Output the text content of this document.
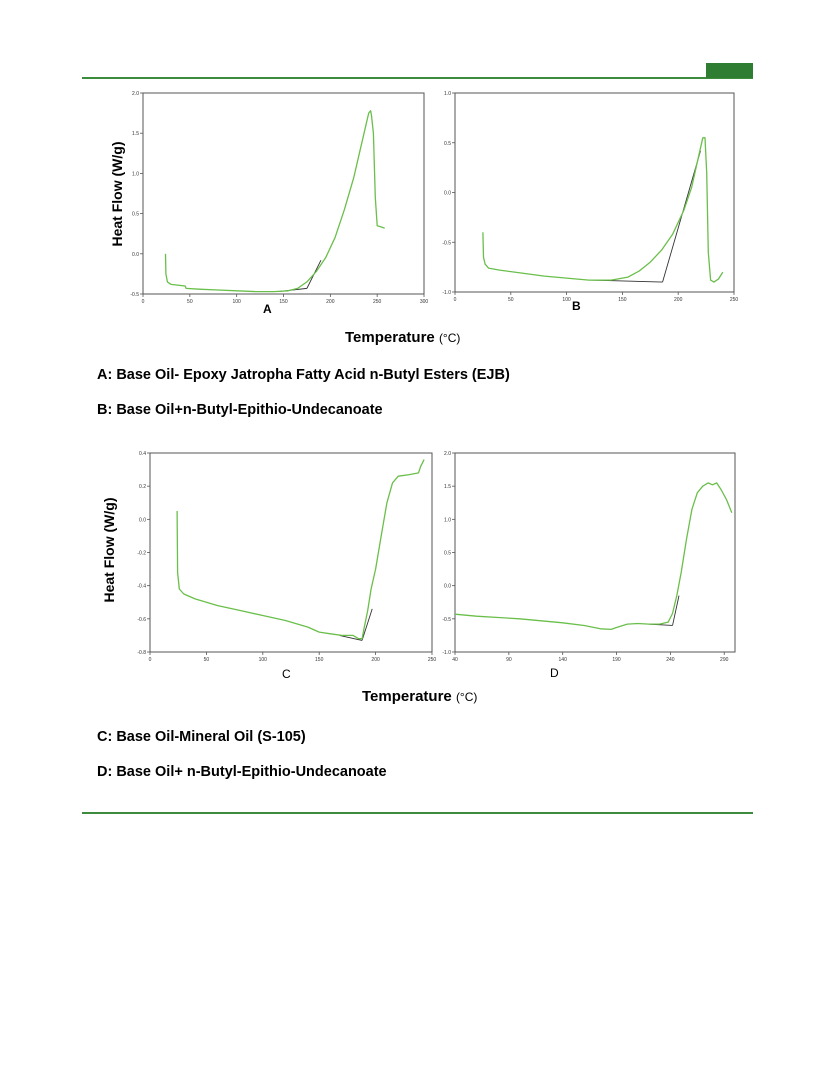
Heat Flow (W/g)
0	50	100	150	200	250	300
-0.5
0.0
0.5
1.0
1.5
2.0
0	50	100	150	200	250
-1.0
-0.5
0.0
0.5
1.0
A	B
Temperature (°C)
A: Base Oil- Epoxy Jatropha Fatty Acid n-Butyl Esters (EJB)
B: Base Oil+n-Butyl-Epithio-Undecanoate
Heat Flow (W/g)
0	50	100	150	200	250
-0.8
-0.6
-0.4
-0.2
0.0
0.2
0.4
40	90	140	190	240	290
-1.0
-0.5
0.0
0.5
1.0
1.5
2.0
C	D
Temperature (°C)
C: Base Oil-Mineral Oil (S-105)
D: Base Oil+ n-Butyl-Epithio-Undecanoate
